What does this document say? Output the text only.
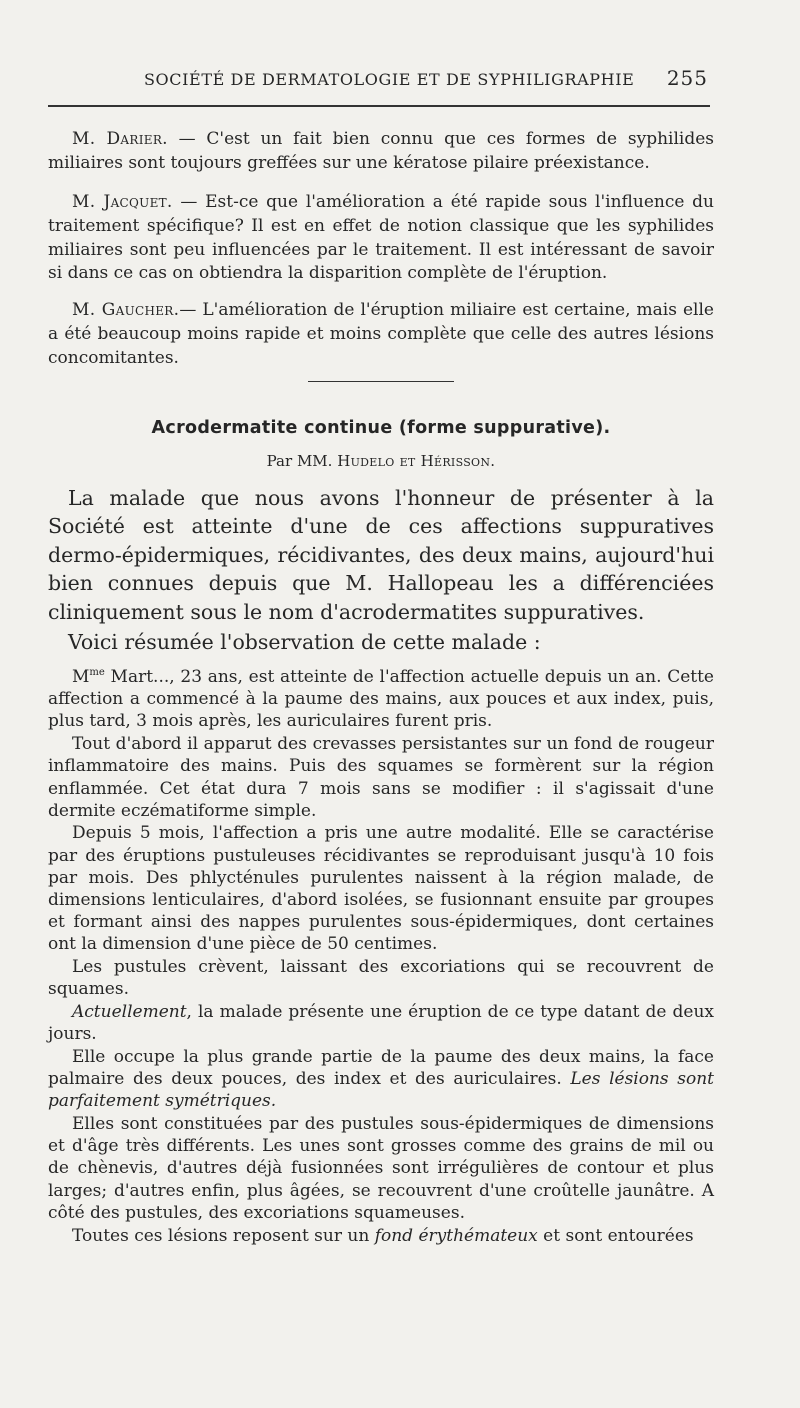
SOCIÉTÉ DE DERMATOLOGIE ET DE SYPHILIGRAPHIE 255

M. Darier. — C'est un fait bien connu que ces formes de syphilides miliaires sont toujours greffées sur une kératose pilaire préexistance.

M. Jacquet. — Est-ce que l'amélioration a été rapide sous l'influence du traitement spécifique? Il est en effet de notion classique que les syphilides miliaires sont peu influencées par le traitement. Il est intéressant de savoir si dans ce cas on obtiendra la disparition complète de l'éruption.

M. Gaucher.— L'amélioration de l'éruption miliaire est certaine, mais elle a été beaucoup moins rapide et moins complète que celle des autres lésions concomitantes.

Acrodermatite continue (forme suppurative).
Par MM. Hudelo et Hérisson.

La malade que nous avons l'honneur de présenter à la Société est atteinte d'une de ces affections suppuratives dermo-épidermiques, récidivantes, des deux mains, aujourd'hui bien connues depuis que M. Hallopeau les a différenciées cliniquement sous le nom d'acrodermatites suppuratives.

Voici résumée l'observation de cette malade :

$M^{me}$ Mart..., 23 ans, est atteinte de l'affection actuelle depuis un an. Cette affection a commencé à la paume des mains, aux pouces et aux index, puis, plus tard, 3 mois après, les auriculaires furent pris.

Tout d'abord il apparut des crevasses persistantes sur un fond de rougeur inflammatoire des mains. Puis des squames se formèrent sur la région enflammée. Cet état dura 7 mois sans se modifier : il s'agissait d'une dermite eczématiforme simple.

Depuis 5 mois, l'affection a pris une autre modalité. Elle se caractérise par des éruptions pustuleuses récidivantes se reproduisant jusqu'à 10 fois par mois. Des phlycténules purulentes naissent à la région malade, de dimensions lenticulaires, d'abord isolées, se fusionnant ensuite par groupes et formant ainsi des nappes purulentes sous-épidermiques, dont certaines ont la dimension d'une pièce de 50 centimes.

Les pustules crèvent, laissant des excoriations qui se recouvrent de squames.

Actuellement, la malade présente une éruption de ce type datant de deux jours.

Elle occupe la plus grande partie de la paume des deux mains, la face palmaire des deux pouces, des index et des auriculaires. Les lésions sont parfaitement symétriques.

Elles sont constituées par des pustules sous-épidermiques de dimensions et d'âge très différents. Les unes sont grosses comme des grains de mil ou de chènevis, d'autres déjà fusionnées sont irrégulières de contour et plus larges; d'autres enfin, plus âgées, se recouvrent d'une croûtelle jaunâtre. A côté des pustules, des excoriations squameuses.

Toutes ces lésions reposent sur un fond érythémateux et sont entourées
